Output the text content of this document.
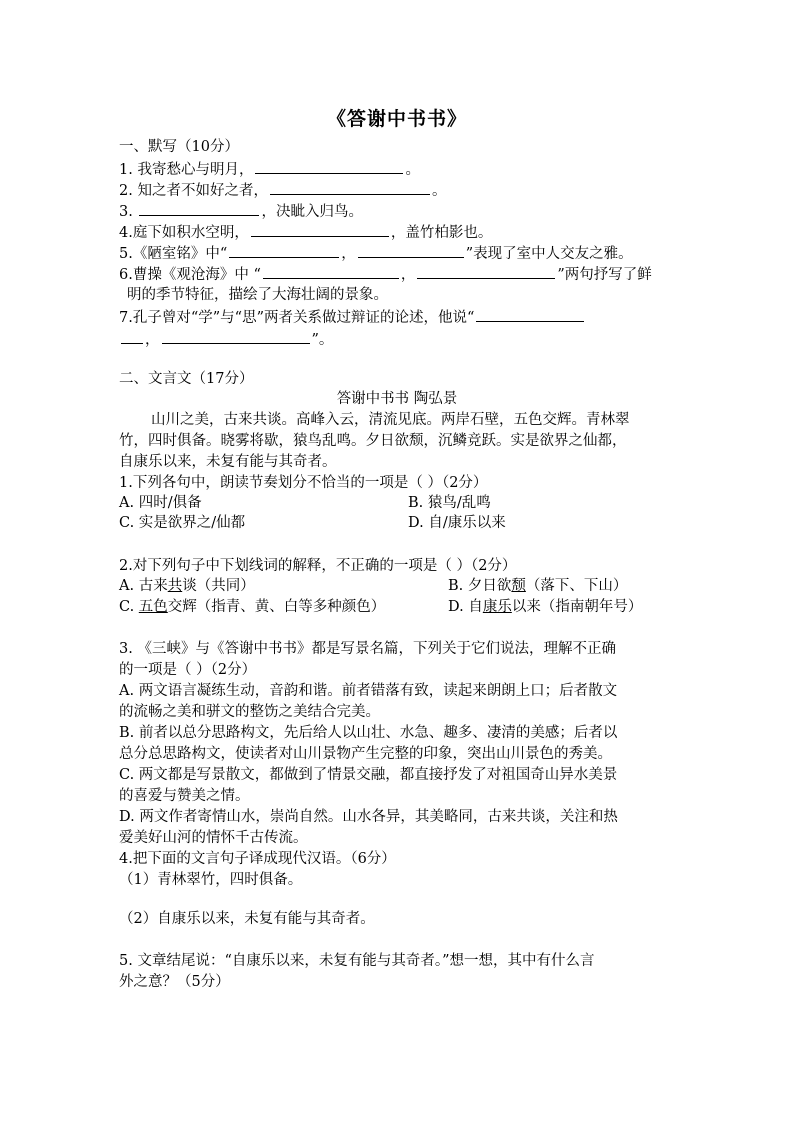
《答谢中书书》
一、默写（10分）
1. 我寄愁心与明月，	。
2. 知之者不如好之者，	。
3.	，决眦入归鸟。
4.庭下如积水空明，	，盖竹柏影也。
5.《陋室铭》中“	，	”表现了室中人交友之雅。
6.曹操《观沧海》中 “	，	”两句抒写了鲜
明的季节特征，描绘了大海壮阔的景象。
7.孔子曾对“学”与“思”两者关系做过辩证的论述，他说“
，	”。
二、文言文（17分）
答谢中书书 陶弘景
山川之美，古来共谈。高峰入云，清流见底。两岸石壁，五色交辉。青林翠
竹，四时俱备。晓雾将歇，猿鸟乱鸣。夕日欲颓，沉鳞竞跃。实是欲界之仙都，
自康乐以来，未复有能与其奇者。
1.下列各句中，朗读节奏划分不恰当的一项是（ ）（2分）
A. 四时/俱备	B. 猿鸟/乱鸣
C. 实是欲界之/仙都	D. 自/康乐以来
2.对下列句子中下划线词的解释，不正确的一项是（ ）（2分）
A. 古来共谈（共同）	B. 夕日欲颓（落下、下山）
C. 五色交辉（指青、黄、白等多种颜色）	D. 自康乐以来（指南朝年号）
3. 《三峡》与《答谢中书书》都是写景名篇，下列关于它们说法，理解不正确
的一项是（ ）（2分）
A. 两文语言凝练生动，音韵和谐。前者错落有致，读起来朗朗上口；后者散文
的流畅之美和骈文的整饬之美结合完美。
B. 前者以总分思路构文，先后给人以山壮、水急、趣多、凄清的美感；后者以
总分总思路构文，使读者对山川景物产生完整的印象，突出山川景色的秀美。
C. 两文都是写景散文，都做到了情景交融，都直接抒发了对祖国奇山异水美景
的喜爱与赞美之情。
D. 两文作者寄情山水，崇尚自然。山水各异，其美略同，古来共谈，关注和热
爱美好山河的情怀千古传流。
4.把下面的文言句子译成现代汉语。（6分）
（1）青林翠竹，四时俱备。
（2）自康乐以来，未复有能与其奇者。
5. 文章结尾说：“自康乐以来，未复有能与其奇者。”想一想，其中有什么言
外之意？（5分）
